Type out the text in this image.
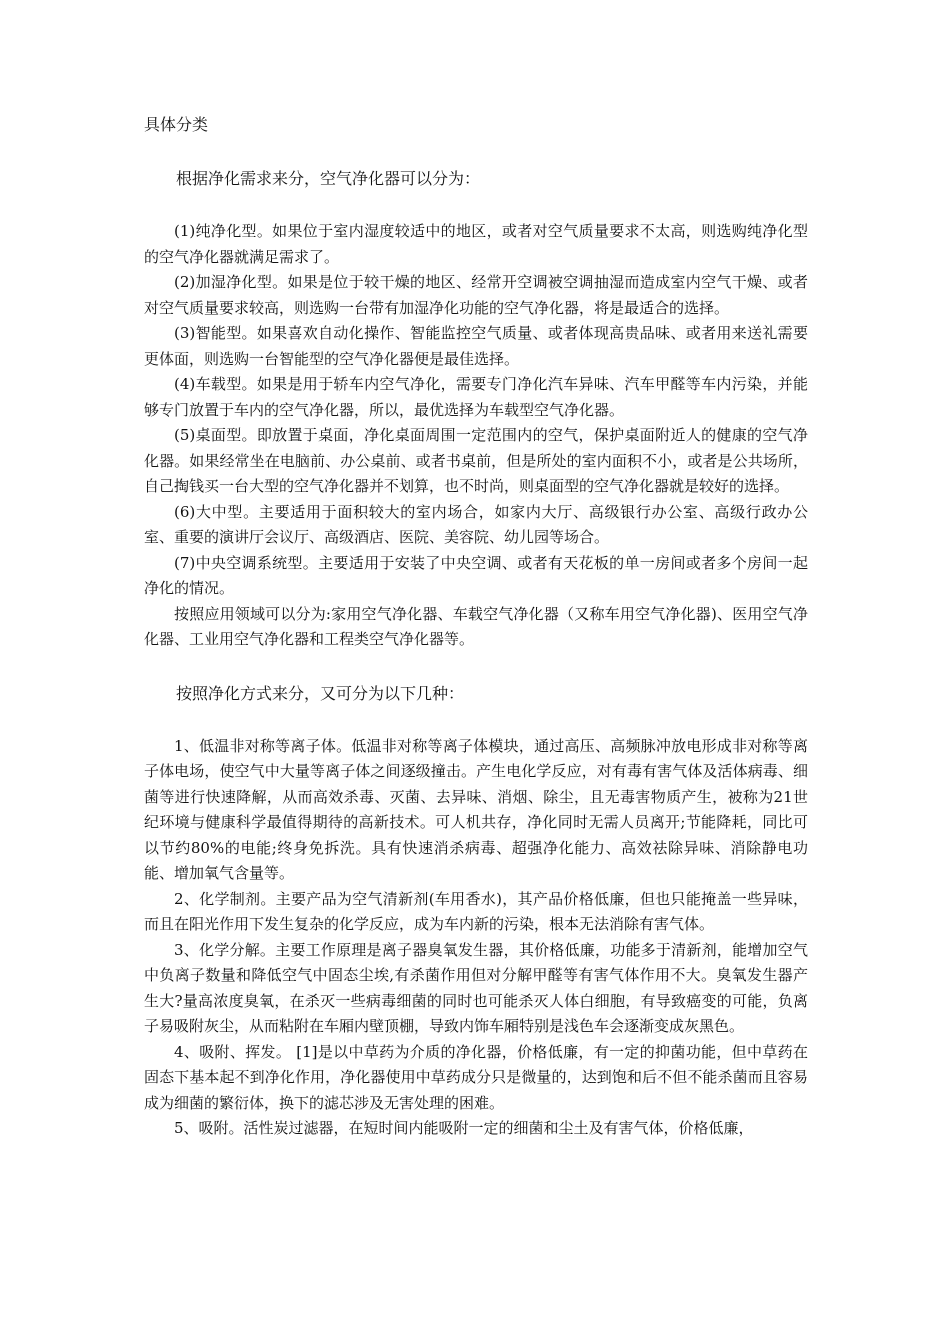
具体分类
根据净化需求来分，空气净化器可以分为：

(1)纯净化型。如果位于室内湿度较适中的地区，或者对空气质量要求不太高，则选购纯净化型的空气净化器就满足需求了。

(2)加湿净化型。如果是位于较干燥的地区、经常开空调被空调抽湿而造成室内空气干燥、或者对空气质量要求较高，则选购一台带有加湿净化功能的空气净化器，将是最适合的选择。

(3)智能型。如果喜欢自动化操作、智能监控空气质量、或者体现高贵品味、或者用来送礼需要更体面，则选购一台智能型的空气净化器便是最佳选择。

(4)车载型。如果是用于轿车内空气净化，需要专门净化汽车异味、汽车甲醛等车内污染，并能够专门放置于车内的空气净化器，所以，最优选择为车载型空气净化器。

(5)桌面型。即放置于桌面，净化桌面周围一定范围内的空气，保护桌面附近人的健康的空气净化器。如果经常坐在电脑前、办公桌前、或者书桌前，但是所处的室内面积不小，或者是公共场所，自己掏钱买一台大型的空气净化器并不划算，也不时尚，则桌面型的空气净化器就是较好的选择。

(6)大中型。主要适用于面积较大的室内场合，如家内大厅、高级银行办公室、高级行政办公室、重要的演讲厅会议厅、高级酒店、医院、美容院、幼儿园等场合。

(7)中央空调系统型。主要适用于安装了中央空调、或者有天花板的单一房间或者多个房间一起净化的情况。

按照应用领域可以分为:家用空气净化器、车载空气净化器（又称车用空气净化器)、医用空气净化器、工业用空气净化器和工程类空气净化器等。

按照净化方式来分，又可分为以下几种：

1、低温非对称等离子体。低温非对称等离子体模块，通过高压、高频脉冲放电形成非对称等离子体电场，使空气中大量等离子体之间逐级撞击。产生电化学反应，对有毒有害气体及活体病毒、细菌等进行快速降解，从而高效杀毒、灭菌、去异味、消烟、除尘，且无毒害物质产生，被称为21世纪环境与健康科学最值得期待的高新技术。可人机共存，净化同时无需人员离开;节能降耗，同比可以节约80%的电能;终身免拆洗。具有快速消杀病毒、超强净化能力、高效祛除异味、消除静电功能、增加氧气含量等。

2、化学制剂。主要产品为空气清新剂(车用香水)，其产品价格低廉，但也只能掩盖一些异味，而且在阳光作用下发生复杂的化学反应，成为车内新的污染，根本无法消除有害气体。

3、化学分解。主要工作原理是离子器臭氧发生器，其价格低廉，功能多于清新剂，能增加空气中负离子数量和降低空气中固态尘埃,有杀菌作用但对分解甲醛等有害气体作用不大。臭氧发生器产生大?量高浓度臭氧，在杀灭一些病毒细菌的同时也可能杀灭人体白细胞，有导致癌变的可能，负离子易吸附灰尘，从而粘附在车厢内壁顶棚，导致内饰车厢特别是浅色车会逐渐变成灰黑色。

4、吸附、挥发。 [1]是以中草药为介质的净化器，价格低廉，有一定的抑菌功能，但中草药在固态下基本起不到净化作用，净化器使用中草药成分只是微量的，达到饱和后不但不能杀菌而且容易成为细菌的繁衍体，换下的滤芯涉及无害处理的困难。

5、吸附。活性炭过滤器，在短时间内能吸附一定的细菌和尘土及有害气体，价格低廉，
